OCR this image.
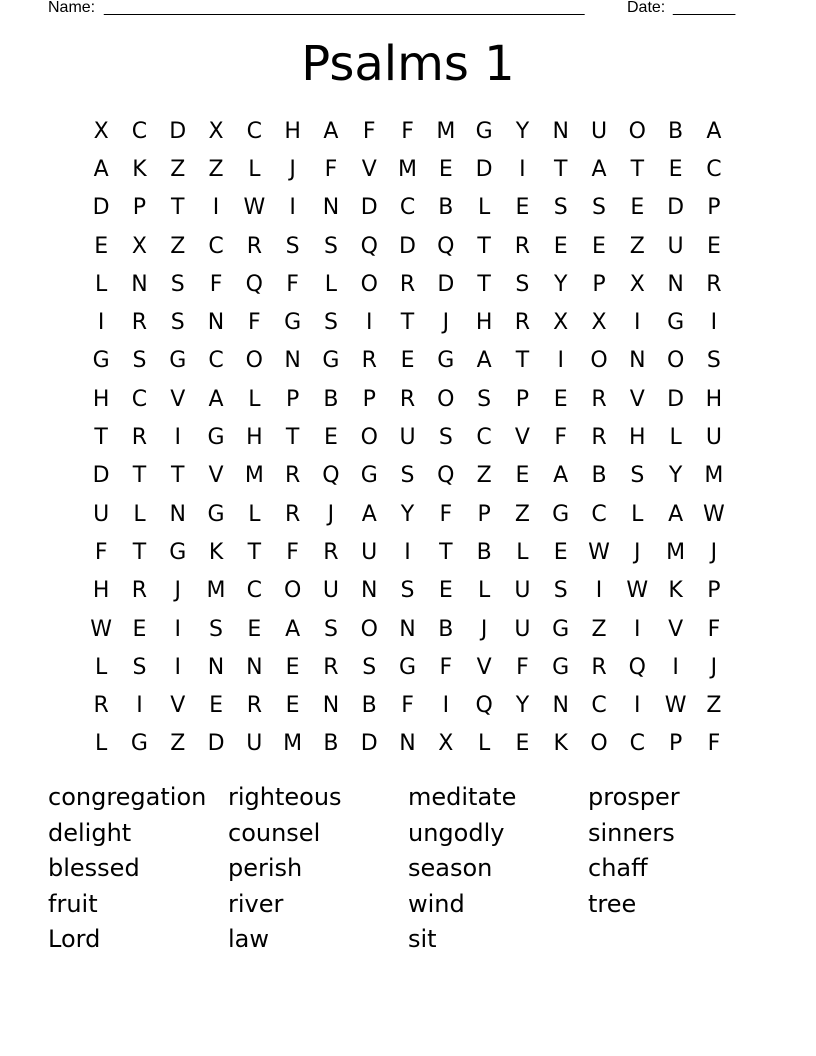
Name: ______________________________________________________	Date: _______
Psalms 1
X	C	D	X	C	H	A	F	F	M G	Y	N	U O	B	A
A	K	Z	Z	L	J	F	V M E	D	I	T	A	T	E	C
D	P	T	I	W	I	N D	C	B	L	E	S	S	E	D	P
E	X	Z	C	R	S	S	Q D Q	T	R	E	E	Z	U	E
L	N	S	F	Q	F	L	O R	D	T	S	Y	P	X	N	R
I	R	S	N	F	G	S	I	T	J	H	R	X	X	I	G	I
G	S	G	C O N G	R	E	G	A	T	I	O N O	S
H	C	V	A	L	P	B	P	R O	S	P	E	R	V	D H
T	R	I	G H	T	E	O U	S	C	V	F	R	H	L	U
D	T	T	V M R Q G	S	Q	Z	E	A	B	S	Y	M
U	L	N G	L	R	J	A	Y	F	P	Z	G	C	L	A W
F	T	G	K	T	F	R	U	I	T	B	L	E W	J	M	J
H	R	J	M C O U	N	S	E	L	U	S	I	W K	P
W E	I	S	E	A	S	O N	B	J	U G	Z	I	V	F
L	S	I	N N	E	R	S	G	F	V	F	G	R Q	I	J
R	I	V	E	R	E	N	B	F	I	Q	Y	N	C	I	W Z
L	G	Z	D U M B	D N	X	L	E	K	O C	P	F
congregation righteous	meditate	prosper
delight	counsel	ungodly	sinners
blessed	perish	season	chaff
fruit	river	wind	tree
Lord	law	sit
